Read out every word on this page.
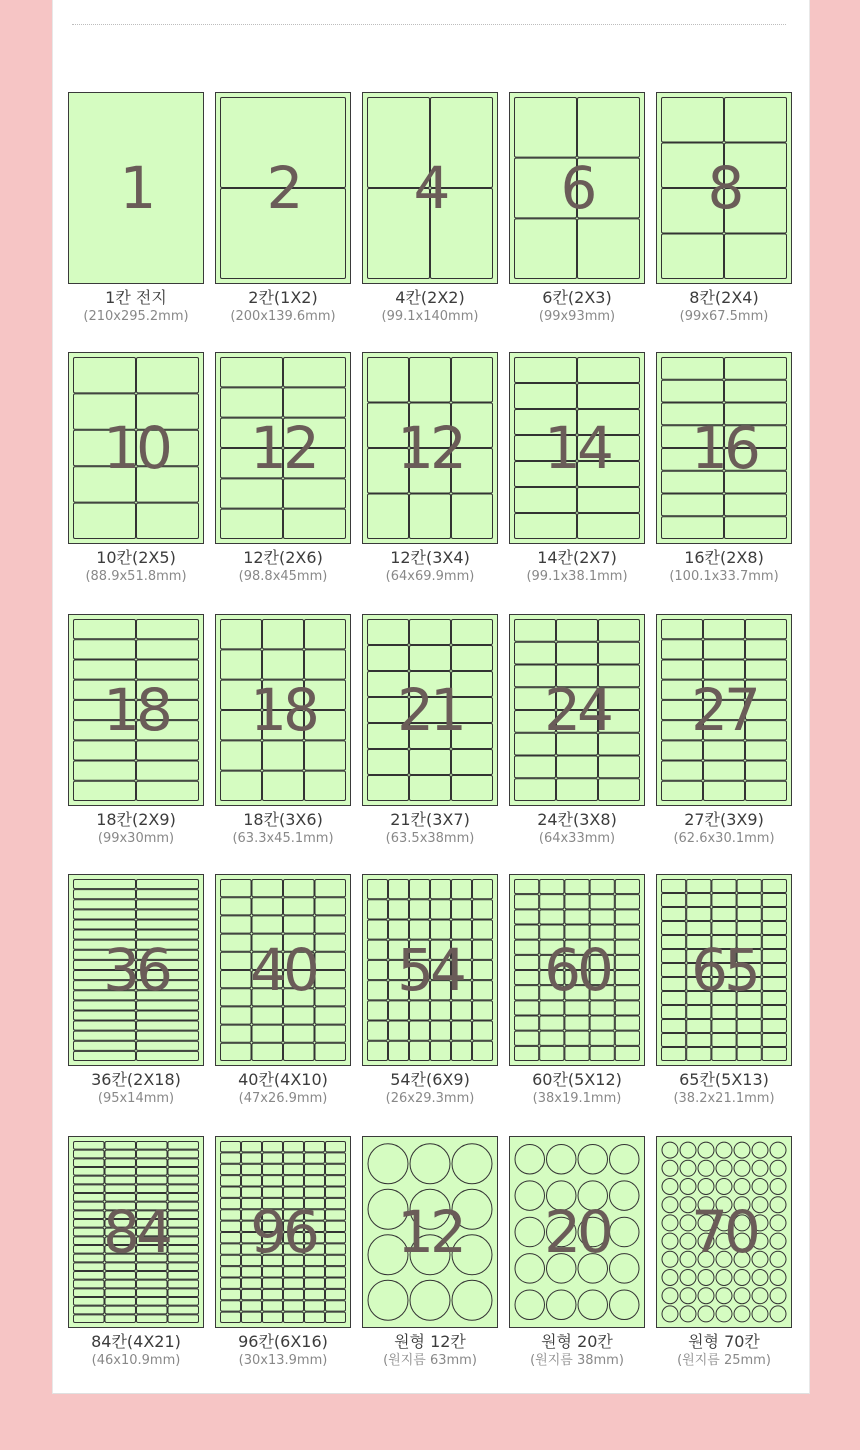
1
1칸 전지
(210x295.2mm)
2
2칸(1X2)
(200x139.6mm)
4
4칸(2X2)
(99.1x140mm)
6
6칸(2X3)
(99x93mm)
8
8칸(2X4)
(99x67.5mm)
10
10칸(2X5)
(88.9x51.8mm)
12
12칸(2X6)
(98.8x45mm)
12
12칸(3X4)
(64x69.9mm)
14
14칸(2X7)
(99.1x38.1mm)
16
16칸(2X8)
(100.1x33.7mm)
18
18칸(2X9)
(99x30mm)
18
18칸(3X6)
(63.3x45.1mm)
21
21칸(3X7)
(63.5x38mm)
24
24칸(3X8)
(64x33mm)
27
27칸(3X9)
(62.6x30.1mm)
36
36칸(2X18)
(95x14mm)
40
40칸(4X10)
(47x26.9mm)
54
54칸(6X9)
(26x29.3mm)
60
60칸(5X12)
(38x19.1mm)
65
65칸(5X13)
(38.2x21.1mm)
84
84칸(4X21)
(46x10.9mm)
96
96칸(6X16)
(30x13.9mm)
12
원형 12칸
(원지름 63mm)
20
원형 20칸
(원지름 38mm)
70
원형 70칸
(원지름 25mm)
